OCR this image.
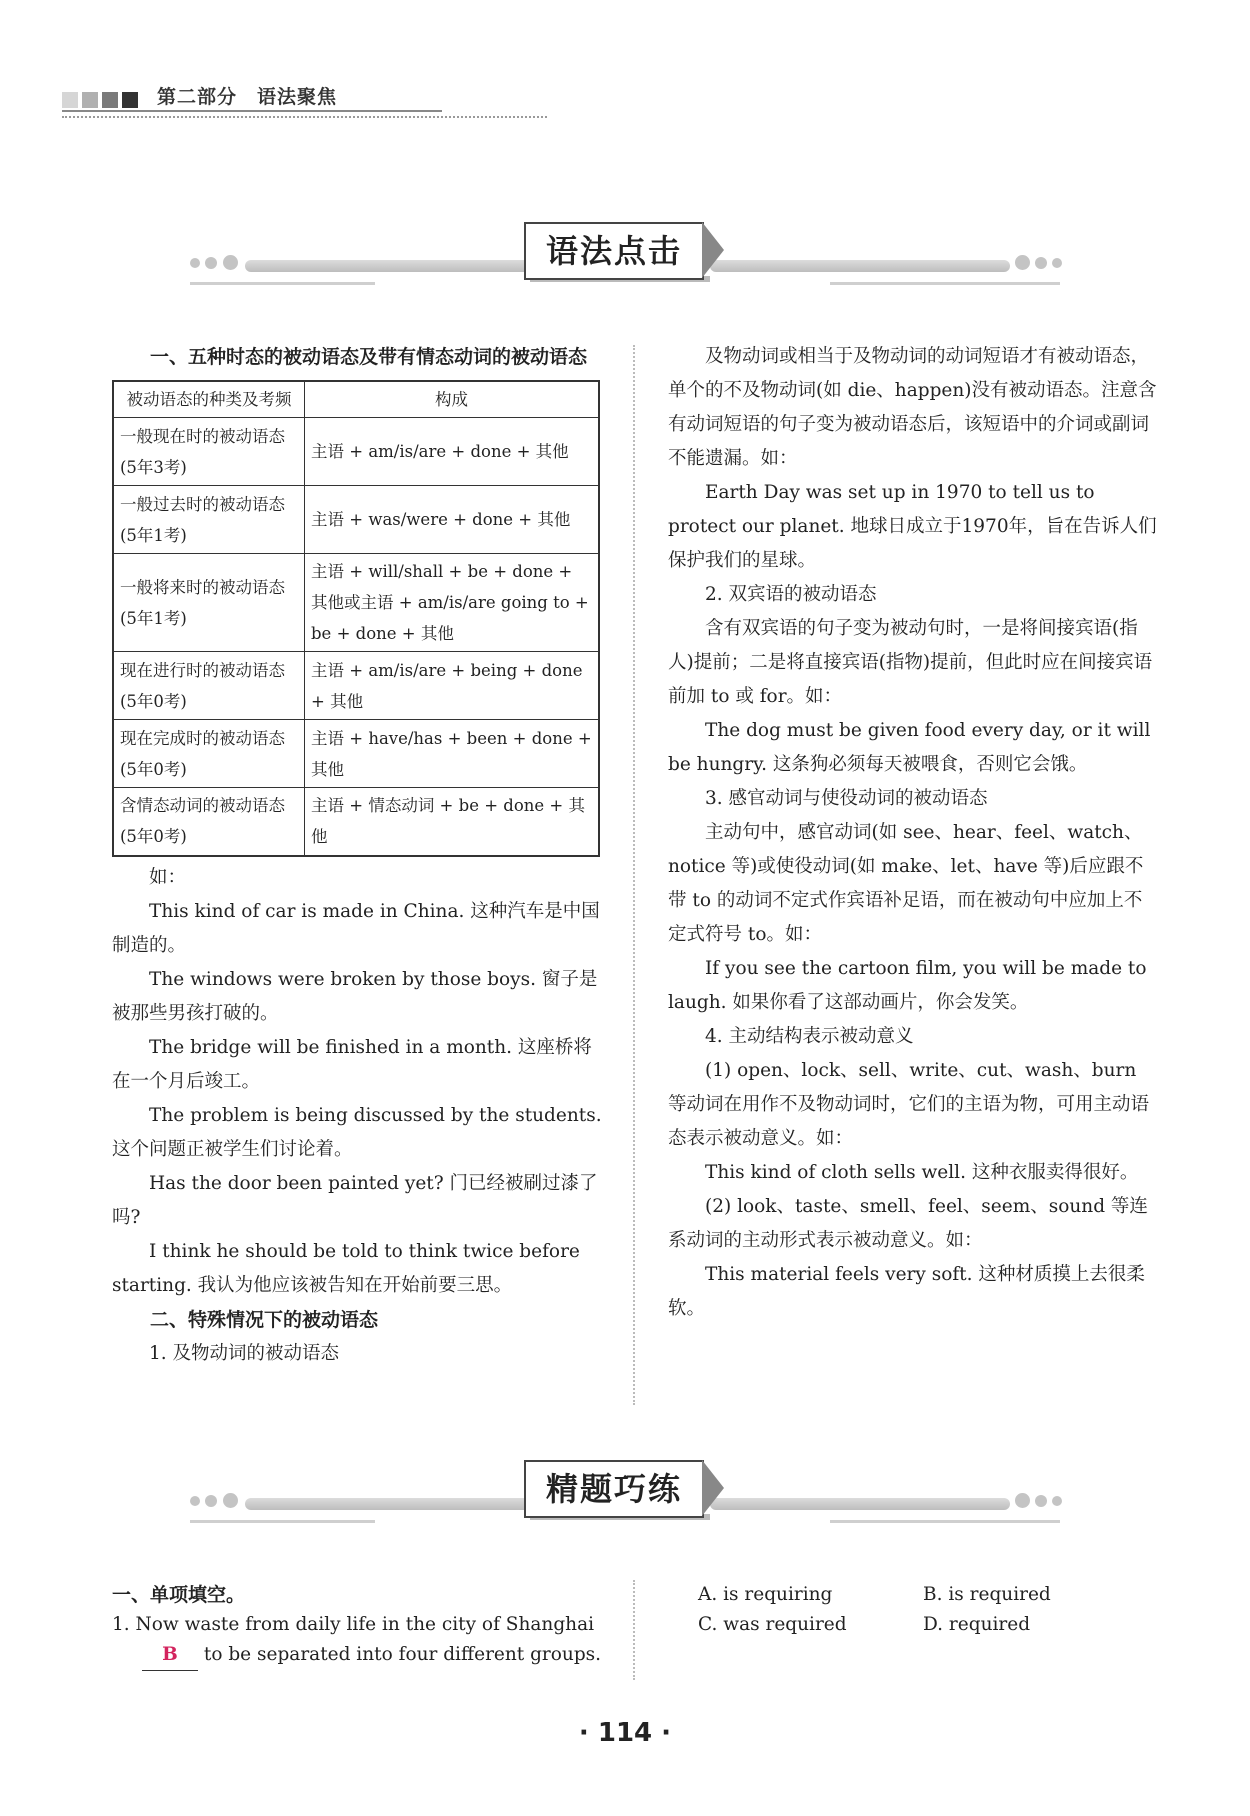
第二部分　语法聚焦
语法点击

一、五种时态的被动语态及带有情态动词的被动语态

被动语态的种类及考频	构成
一般现在时的被动语态(5年3考)	主语 + am/is/are + done + 其他
一般过去时的被动语态(5年1考)	主语 + was/were + done + 其他
一般将来时的被动语态(5年1考)	主语 + will/shall + be + done + 其他或主语 + am/is/are going to + be + done + 其他
现在进行时的被动语态(5年0考)	主语 + am/is/are + being + done + 其他
现在完成时的被动语态(5年0考)	主语 + have/has + been + done + 其他
含情态动词的被动语态(5年0考)	主语 + 情态动词 + be + done + 其他

如：

This kind of car is made in China. 这种汽车是中国制造的。

The windows were broken by those boys. 窗子是被那些男孩打破的。

The bridge will be finished in a month. 这座桥将在一个月后竣工。

The problem is being discussed by the students. 这个问题正被学生们讨论着。

Has the door been painted yet? 门已经被刷过漆了吗?

I think he should be told to think twice before starting. 我认为他应该被告知在开始前要三思。

二、特殊情况下的被动语态

1. 及物动词的被动语态

及物动词或相当于及物动词的动词短语才有被动语态，单个的不及物动词(如 die、happen)没有被动语态。注意含有动词短语的句子变为被动语态后，该短语中的介词或副词不能遗漏。如：

Earth Day was set up in 1970 to tell us to protect our planet. 地球日成立于1970年，旨在告诉人们保护我们的星球。

2. 双宾语的被动语态

含有双宾语的句子变为被动句时，一是将间接宾语(指人)提前；二是将直接宾语(指物)提前，但此时应在间接宾语前加 to 或 for。如：

The dog must be given food every day, or it will be hungry. 这条狗必须每天被喂食，否则它会饿。

3. 感官动词与使役动词的被动语态

主动句中，感官动词(如 see、hear、feel、watch、notice 等)或使役动词(如 make、let、have 等)后应跟不带 to 的动词不定式作宾语补足语，而在被动句中应加上不定式符号 to。如：

If you see the cartoon film, you will be made to laugh. 如果你看了这部动画片，你会发笑。

4. 主动结构表示被动意义

(1) open、lock、sell、write、cut、wash、burn 等动词在用作不及物动词时，它们的主语为物，可用主动语态表示被动意义。如：

This kind of cloth sells well. 这种衣服卖得很好。

(2) look、taste、smell、feel、seem、sound 等连系动词的主动形式表示被动意义。如：

This material feels very soft. 这种材质摸上去很柔软。

精题巧练

一、单项填空。

1. Now waste from daily life in the city of Shanghai

B to be separated into four different groups.

A. is requiring	B. is required
C. was required	D. required
· 114 ·
